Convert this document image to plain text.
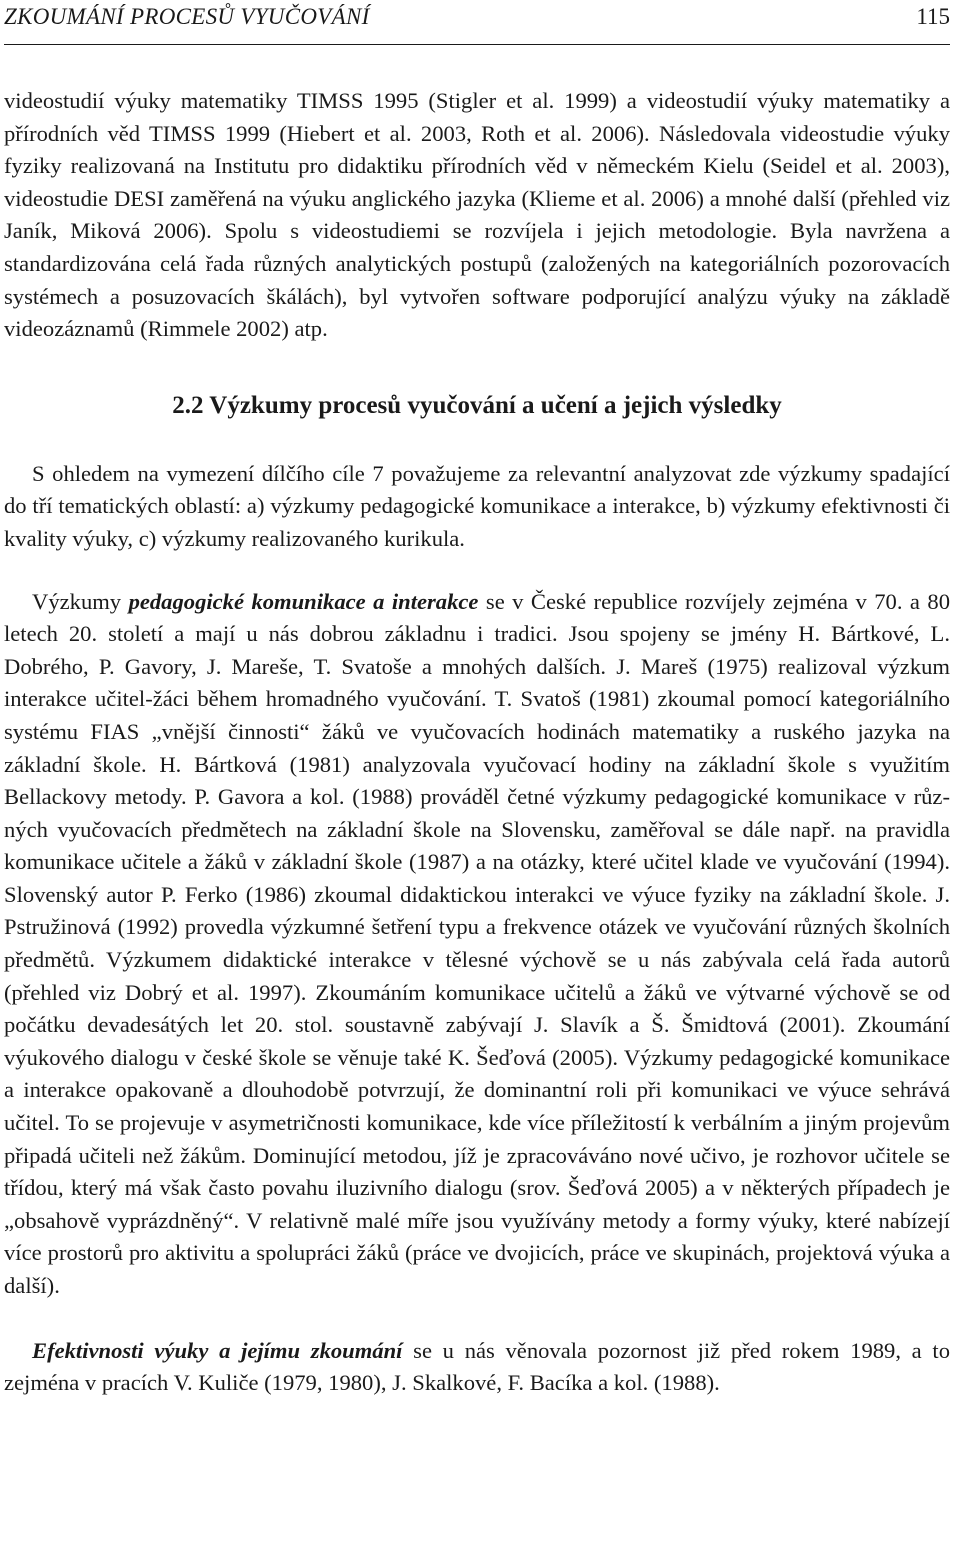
ZKOUMÁNÍ PROCESŮ VYUČOVÁNÍ	115

videostudií výuky matematiky TIMSS 1995 (Stigler et al. 1999) a videostudií výuky matematiky a přírodních věd TIMSS 1999 (Hiebert et al. 2003, Roth et al. 2006). Následovala videostudie výuky fyziky realizovaná na Institutu pro didaktiku přírodních věd v německém Kielu (Seidel et al. 2003), videostudie DESI zaměřená na výuku anglického jazyka (Klieme et al. 2006) a mnohé další (přehled viz Janík, Miková 2006). Spolu s videostudiemi se rozvíjela i jejich metodologie. Byla navržena a standardizována celá řada různých analytických postupů (založených na kategoriálních pozorovacích systémech a posuzovacích škálách), byl vytvořen software podporující analýzu výuky na základě videozáznamů (Rimmele 2002) atp.

2.2 Výzkumy procesů vyučování a učení a jejich výsledky

S ohledem na vymezení dílčího cíle 7 považujeme za relevantní analyzovat zde výzkumy spadající do tří tematických oblastí: a) výzkumy pedagogické komunikace a interakce, b) výzkumy efektivnosti či kvality výuky, c) výzkumy realizovaného kurikula.

Výzkumy pedagogické komunikace a interakce se v České republice rozvíjely zejména v 70. a 80 letech 20. století a mají u nás dobrou základnu i tradici. Jsou spojeny se jmény H. Bártkové, L. Dobrého, P. Gavory, J. Mareše, T. Svatoše a mnohých dalších. J. Mareš (1975) realizoval výzkum interakce učitel-žáci během hromadného vyučování. T. Svatoš (1981) zkoumal pomocí kategoriálního systému FIAS „vnější činnosti“ žáků ve vyučovacích hodinách matematiky a ruského jazyka na základní škole. H. Bártková (1981) analyzovala vyučovací hodiny na základní škole s využitím Bellackovy metody. P. Gavora a kol. (1988) prováděl četné výzkumy pedagogické komunikace v různých vyučovacích předmětech na základní škole na Slovensku, zaměřoval se dále např. na pravidla komunikace učitele a žáků v základní škole (1987) a na otázky, které učitel klade ve vyučování (1994). Slovenský autor P. Ferko (1986) zkoumal didaktickou interakci ve výuce fyziky na základní škole. J. Pstružinová (1992) provedla výzkumné šetření typu a frekvence otázek ve vyučování různých školních předmětů. Výzkumem didaktické interakce v tělesné výchově se u nás zabývala celá řada autorů (přehled viz Dobrý et al. 1997). Zkoumáním komunikace učitelů a žáků ve výtvarné výchově se od počátku devadesátých let 20. stol. soustavně zabývají J. Slavík a Š. Šmidtová (2001). Zkoumání výukového dialogu v české škole se věnuje také K. Šeďová (2005). Výzkumy pedagogické komunikace a interakce opakovaně a dlouhodobě potvrzují, že dominantní roli při komunikaci ve výuce sehrává učitel. To se projevuje v asymetričnosti komunikace, kde více příležitostí k verbálním a jiným projevům připadá učiteli než žákům. Dominující metodou, jíž je zpracováváno nové učivo, je rozhovor učitele se třídou, který má však často povahu iluzivního dialogu (srov. Šeďová 2005) a v některých případech je „obsahově vyprázdněný“. V relativně malé míře jsou využívány metody a formy výuky, které nabízejí více prostorů pro aktivitu a spolupráci žáků (práce ve dvojicích, práce ve skupinách, projektová výuka a další).

Efektivnosti výuky a jejímu zkoumání se u nás věnovala pozornost již před rokem 1989, a to zejména v pracích V. Kuliče (1979, 1980), J. Skalkové, F. Bacíka a kol. (1988).
